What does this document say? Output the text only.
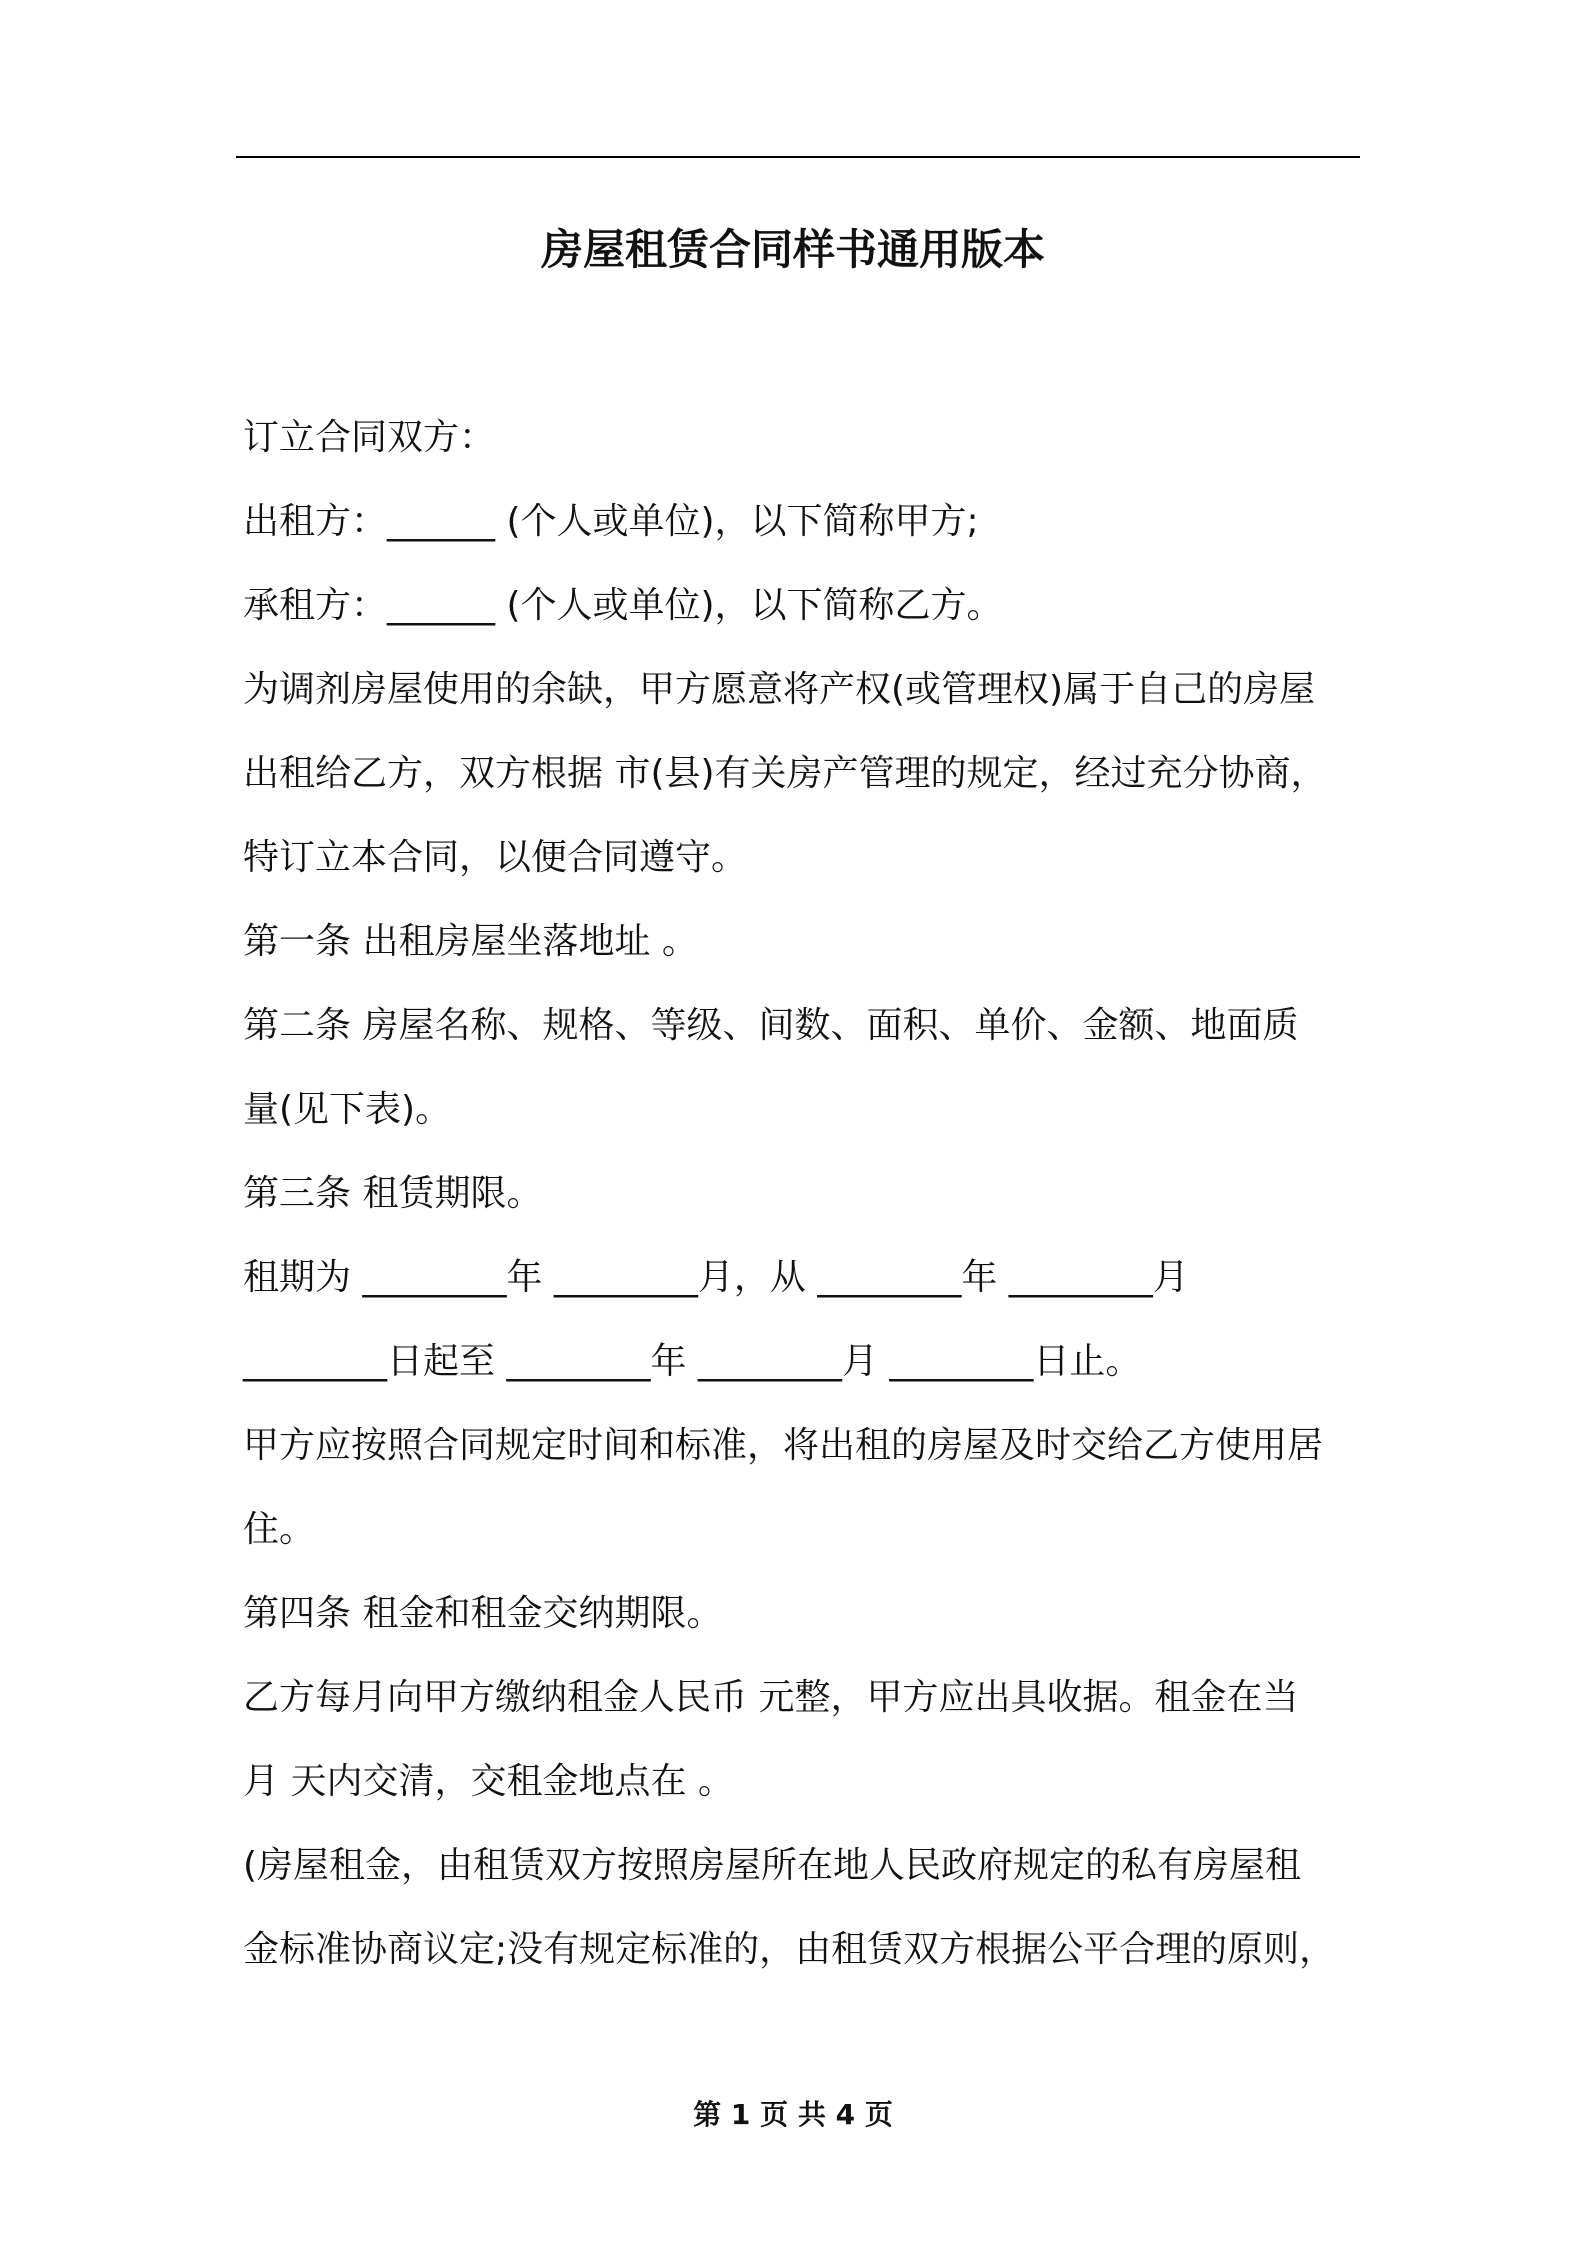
房屋租赁合同样书通用版本
订立合同双方：
出租方：______ (个人或单位)，以下简称甲方;
承租方：______ (个人或单位)，以下简称乙方。
为调剂房屋使用的余缺，甲方愿意将产权(或管理权)属于自己的房屋
出租给乙方，双方根据 市(县)有关房产管理的规定，经过充分协商，
特订立本合同，以便合同遵守。
第一条 出租房屋坐落地址 。
第二条 房屋名称、规格、等级、间数、面积、单价、金额、地面质
量(见下表)。
第三条 租赁期限。
租期为 ________年 ________月，从 ________年 ________月
________日起至 ________年 ________月 ________日止。
甲方应按照合同规定时间和标准，将出租的房屋及时交给乙方使用居
住。
第四条 租金和租金交纳期限。
乙方每月向甲方缴纳租金人民币 元整，甲方应出具收据。租金在当
月 天内交清，交租金地点在 。
(房屋租金，由租赁双方按照房屋所在地人民政府规定的私有房屋租
金标准协商议定;没有规定标准的，由租赁双方根据公平合理的原则，
第 1 页 共 4 页
